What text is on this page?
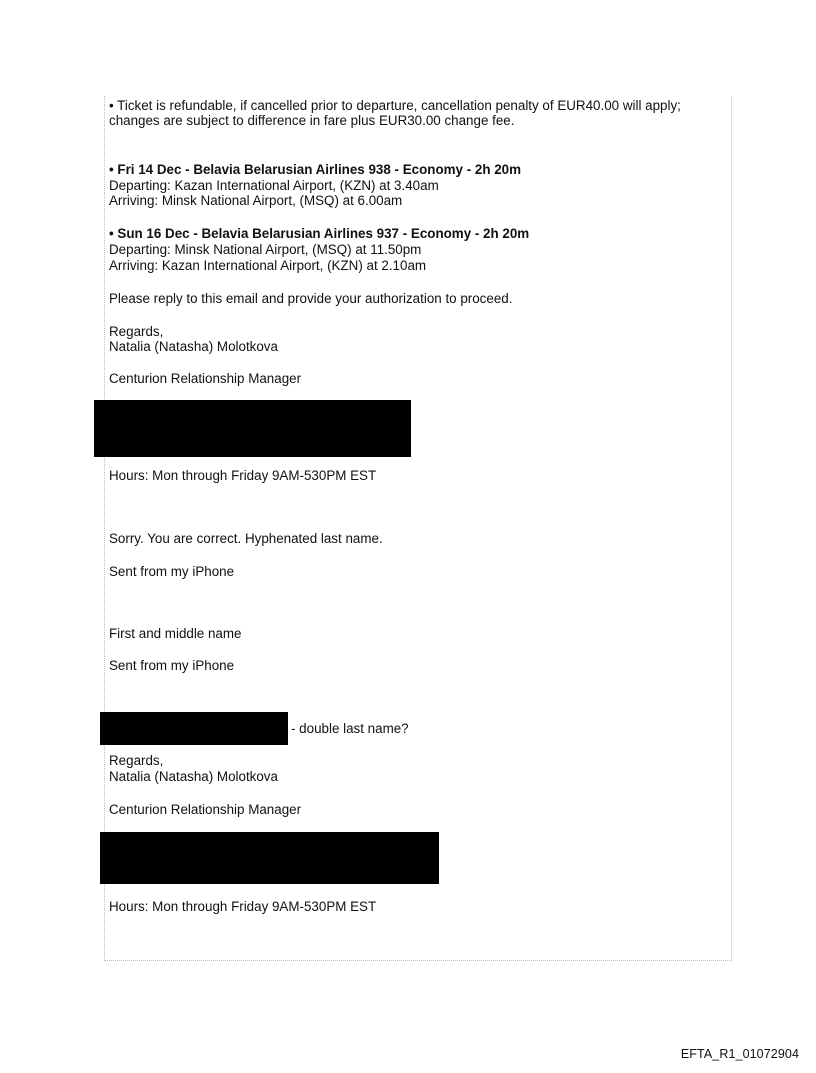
• Ticket is refundable, if cancelled prior to departure, cancellation penalty of EUR40.00 will apply;
changes are subject to difference in fare plus EUR30.00 change fee.
• Fri 14 Dec - Belavia Belarusian Airlines 938 - Economy - 2h 20m
Departing: Kazan International Airport, (KZN) at 3.40am
Arriving: Minsk National Airport, (MSQ) at 6.00am
• Sun 16 Dec - Belavia Belarusian Airlines 937 - Economy - 2h 20m
Departing: Minsk National Airport, (MSQ) at 11.50pm
Arriving: Kazan International Airport, (KZN) at 2.10am
Please reply to this email and provide your authorization to proceed.
Regards,
Natalia (Natasha) Molotkova
Centurion Relationship Manager
Hours: Mon through Friday 9AM-530PM EST
Sorry. You are correct. Hyphenated last name.
Sent from my iPhone
First and middle name
Sent from my iPhone
- double last name?
Regards,
Natalia (Natasha) Molotkova
Centurion Relationship Manager
Hours: Mon through Friday 9AM-530PM EST
EFTA_R1_01072904
